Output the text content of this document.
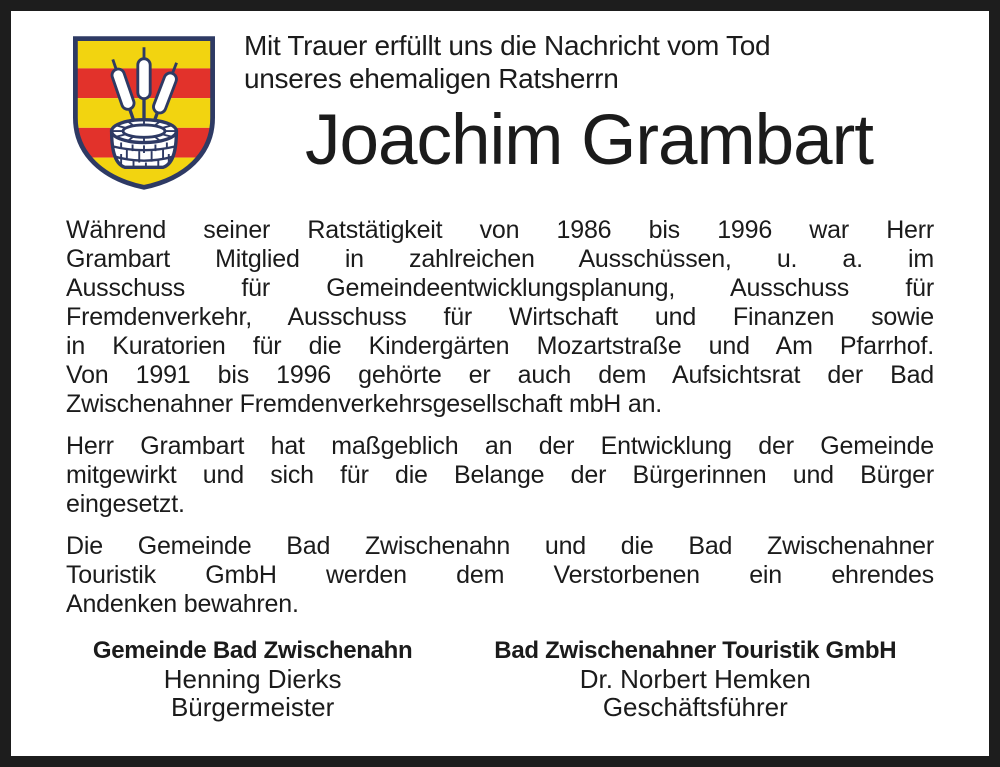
Mit Trauer erfüllt uns die Nachricht vom Tod
unseres ehemaligen Ratsherrn

Joachim Grambart
Während seiner Ratstätigkeit von 1986 bis 1996 war Herr
Grambart Mitglied in zahlreichen Ausschüssen, u. a. im
Ausschuss für Gemeindeentwicklungsplanung, Ausschuss für
Fremdenverkehr, Ausschuss für Wirtschaft und Finanzen sowie
in Kuratorien für die Kindergärten Mozartstraße und Am Pfarrhof.
Von 1991 bis 1996 gehörte er auch dem Aufsichtsrat der Bad
Zwischenahner Fremdenverkehrsgesellschaft mbH an.
Herr Grambart hat maßgeblich an der Entwicklung der Gemeinde
mitgewirkt und sich für die Belange der Bürgerinnen und Bürger
eingesetzt.
Die Gemeinde Bad Zwischenahn und die Bad Zwischenahner
Touristik GmbH werden dem Verstorbenen ein ehrendes
Andenken bewahren.
Gemeinde Bad Zwischenahn
Henning Dierks
Bürgermeister
Bad Zwischenahner Touristik GmbH
Dr. Norbert Hemken
Geschäftsführer
